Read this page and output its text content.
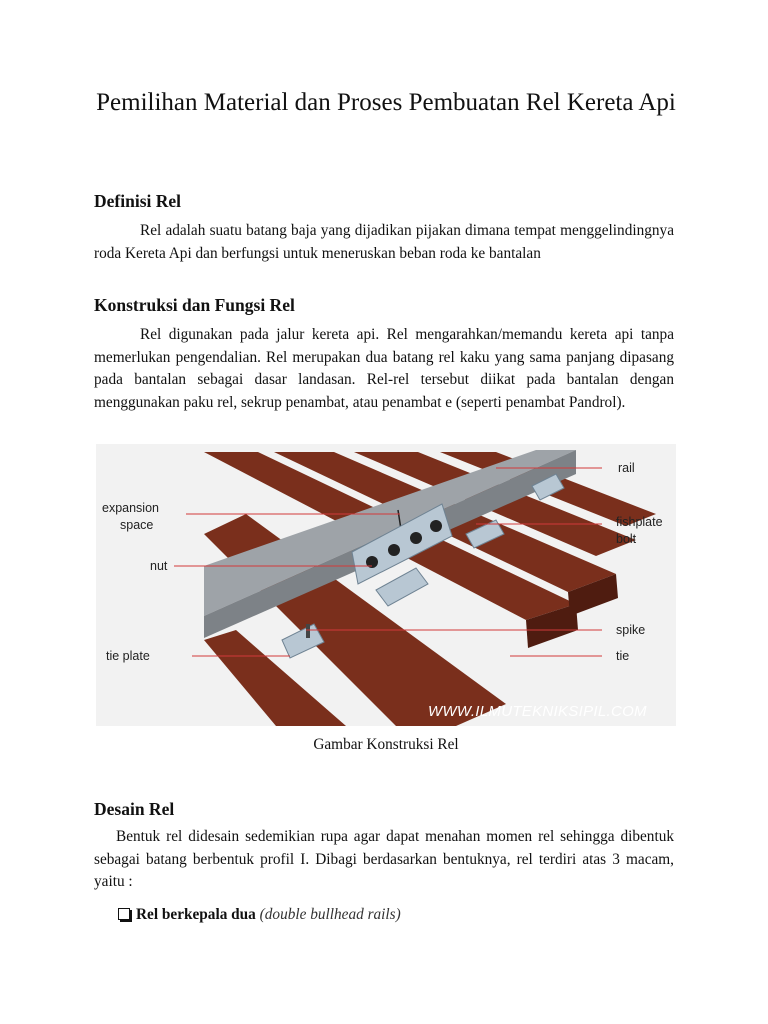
Pemilihan Material dan Proses Pembuatan Rel Kereta Api
Definisi Rel

Rel adalah suatu batang baja yang dijadikan pijakan dimana tempat menggelindingnya roda Kereta Api dan berfungsi untuk meneruskan beban roda ke bantalan

Konstruksi dan Fungsi Rel

Rel digunakan pada jalur kereta api. Rel mengarahkan/memandu kereta api tanpa memerlukan pengendalian. Rel merupakan dua batang rel kaku yang sama panjang dipasang pada bantalan sebagai dasar landasan. Rel-rel tersebut diikat pada bantalan dengan menggunakan paku rel, sekrup penambat, atau penambat e (seperti penambat Pandrol).

expansion
space
nut
tie plate
rail
fishplate
bolt
spike
tie
WWW.ILMUTEKNIKSIPIL.COM

Gambar Konstruksi Rel

Desain Rel

Bentuk rel didesain sedemikian rupa agar dapat menahan momen rel sehingga dibentuk sebagai batang berbentuk profil I. Dibagi berdasarkan bentuknya, rel terdiri atas 3 macam, yaitu :

Rel berkepala dua (double bullhead rails)
